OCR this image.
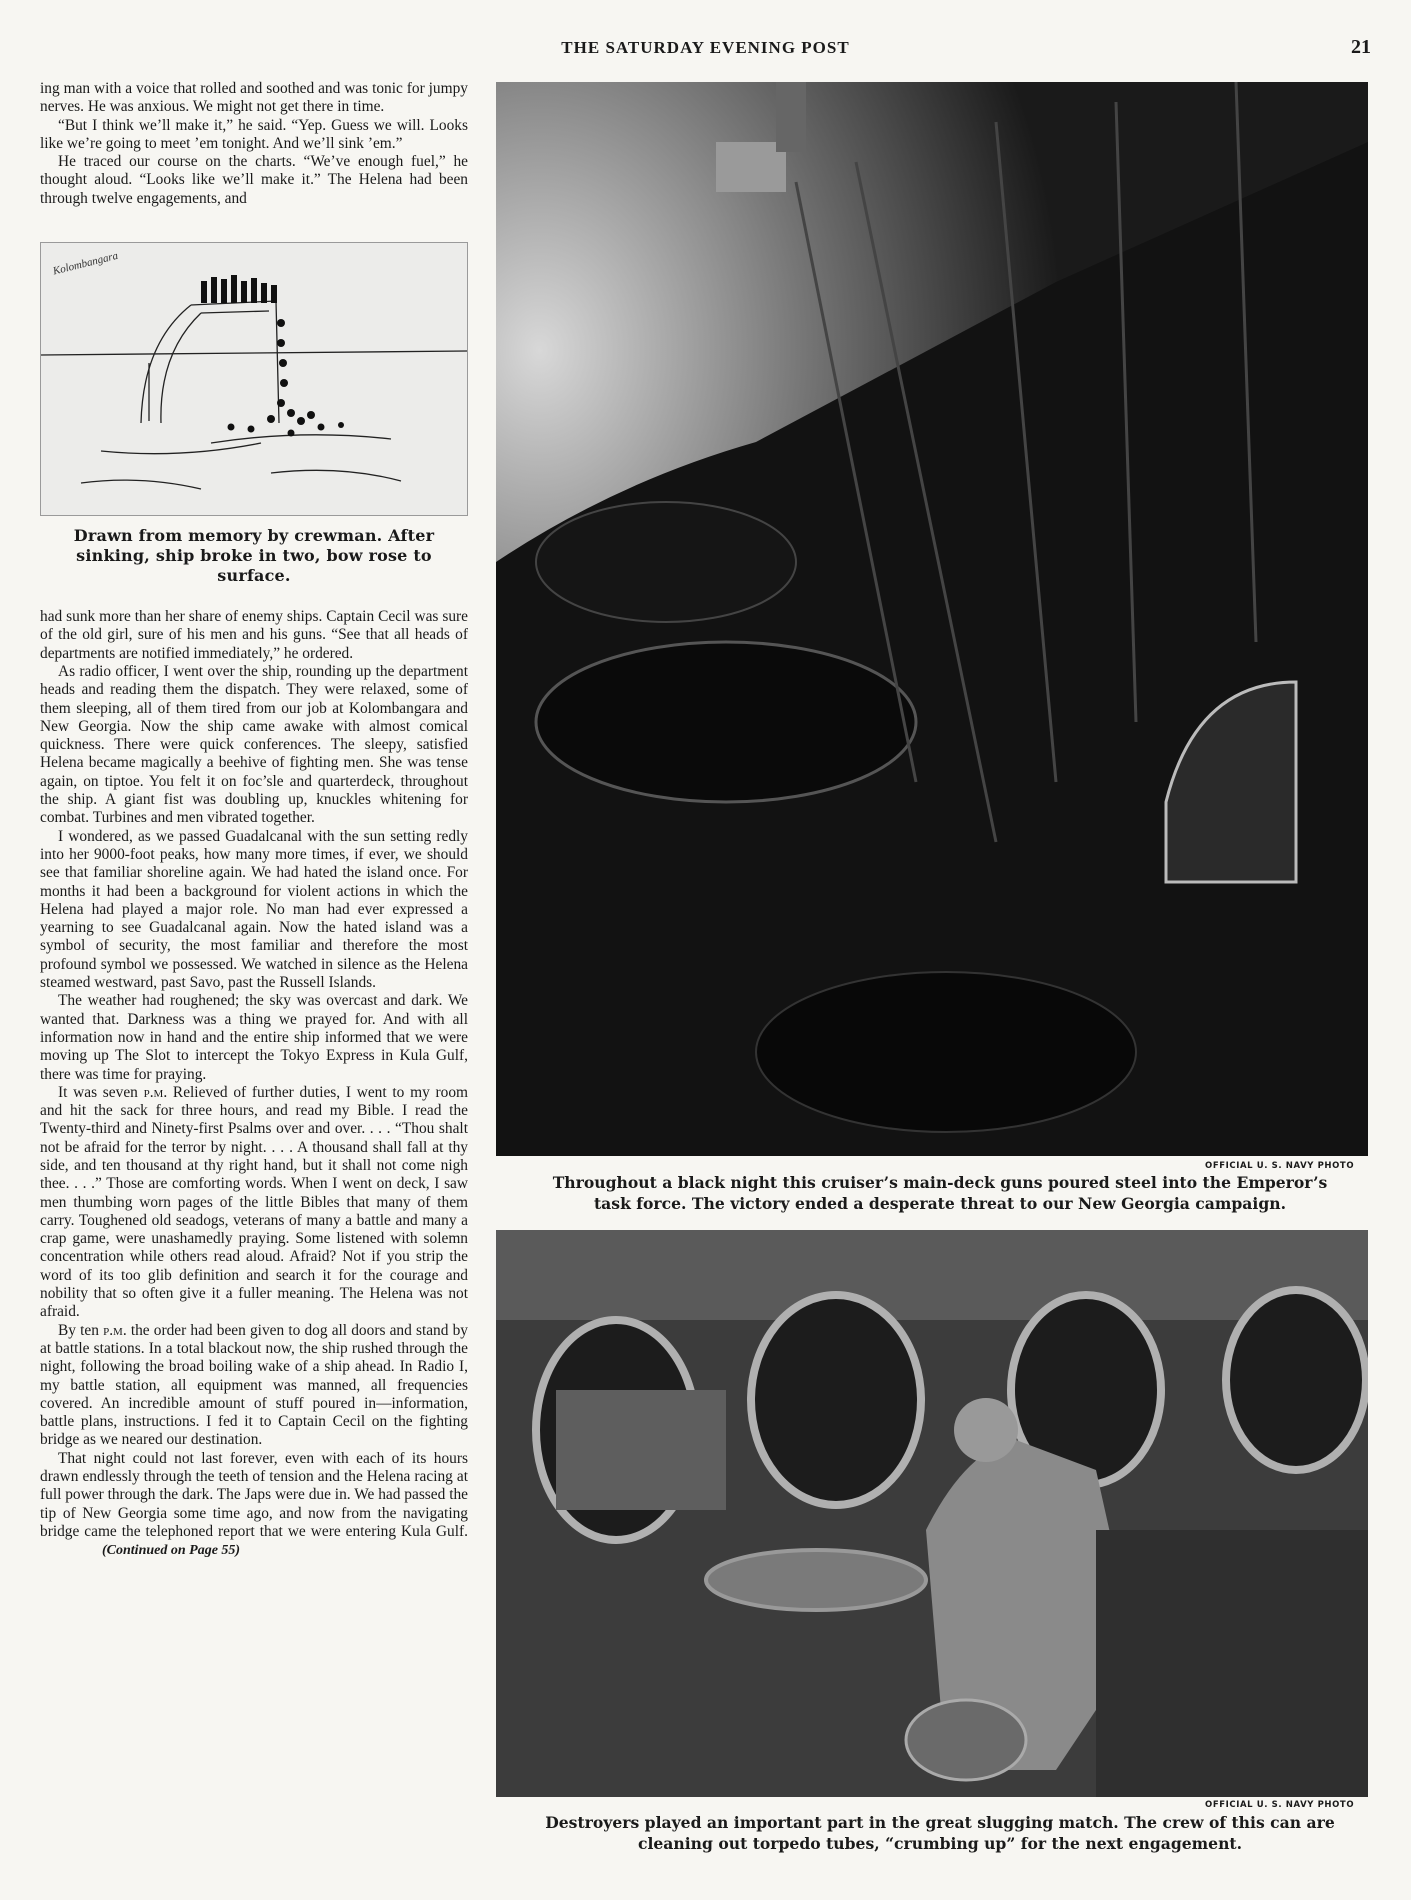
THE SATURDAY EVENING POST	21

ing man with a voice that rolled and soothed and was tonic for jumpy nerves. He was anxious. We might not get there in time.

“But I think we’ll make it,” he said. “Yep. Guess we will. Looks like we’re going to meet ’em tonight. And we’ll sink ’em.”

He traced our course on the charts. “We’ve enough fuel,” he thought aloud. “Looks like we’ll make it.” The Helena had been through twelve engagements, and

Kolombangara
Drawn from memory by crewman. After sinking, ship broke in two, bow rose to surface.

had sunk more than her share of enemy ships. Captain Cecil was sure of the old girl, sure of his men and his guns. “See that all heads of departments are notified immediately,” he ordered.

As radio officer, I went over the ship, rounding up the department heads and reading them the dispatch. They were relaxed, some of them sleeping, all of them tired from our job at Kolombangara and New Georgia. Now the ship came awake with almost comical quickness. There were quick conferences. The sleepy, satisfied Helena became magically a beehive of fighting men. She was tense again, on tiptoe. You felt it on foc’sle and quarterdeck, throughout the ship. A giant fist was doubling up, knuckles whitening for combat. Turbines and men vibrated together.

I wondered, as we passed Guadalcanal with the sun setting redly into her 9000-foot peaks, how many more times, if ever, we should see that familiar shoreline again. We had hated the island once. For months it had been a background for violent actions in which the Helena had played a major role. No man had ever expressed a yearning to see Guadalcanal again. Now the hated island was a symbol of security, the most familiar and therefore the most profound symbol we possessed. We watched in silence as the Helena steamed westward, past Savo, past the Russell Islands.

The weather had roughened; the sky was overcast and dark. We wanted that. Darkness was a thing we prayed for. And with all information now in hand and the entire ship informed that we were moving up The Slot to intercept the Tokyo Express in Kula Gulf, there was time for praying.

It was seven p.m. Relieved of further duties, I went to my room and hit the sack for three hours, and read my Bible. I read the Twenty-third and Ninety-first Psalms over and over. . . . “Thou shalt not be afraid for the terror by night. . . . A thousand shall fall at thy side, and ten thousand at thy right hand, but it shall not come nigh thee. . . .” Those are comforting words. When I went on deck, I saw men thumbing worn pages of the little Bibles that many of them carry. Toughened old seadogs, veterans of many a battle and many a crap game, were unashamedly praying. Some listened with solemn concentration while others read aloud. Afraid? Not if you strip the word of its too glib definition and search it for the courage and nobility that so often give it a fuller meaning. The Helena was not afraid.

By ten p.m. the order had been given to dog all doors and stand by at battle stations. In a total blackout now, the ship rushed through the night, following the broad boiling wake of a ship ahead. In Radio I, my battle station, all equipment was manned, all frequencies covered. An incredible amount of stuff poured in—information, battle plans, instructions. I fed it to Captain Cecil on the fighting bridge as we neared our destination.

That night could not last forever, even with each of its hours drawn endlessly through the teeth of tension and the Helena racing at full power through the dark. The Japs were due in. We had passed the tip of New Georgia some time ago, and now from the navigating bridge came the telephoned report that we were entering Kula Gulf. (Continued on Page 55)

OFFICIAL U. S. NAVY PHOTO
Throughout a black night this cruiser’s main-deck guns poured steel into the Emperor’s task force. The victory ended a desperate threat to our New Georgia campaign.
OFFICIAL U. S. NAVY PHOTO
Destroyers played an important part in the great slugging match. The crew of this can are cleaning out torpedo tubes, “crumbing up” for the next engagement.
